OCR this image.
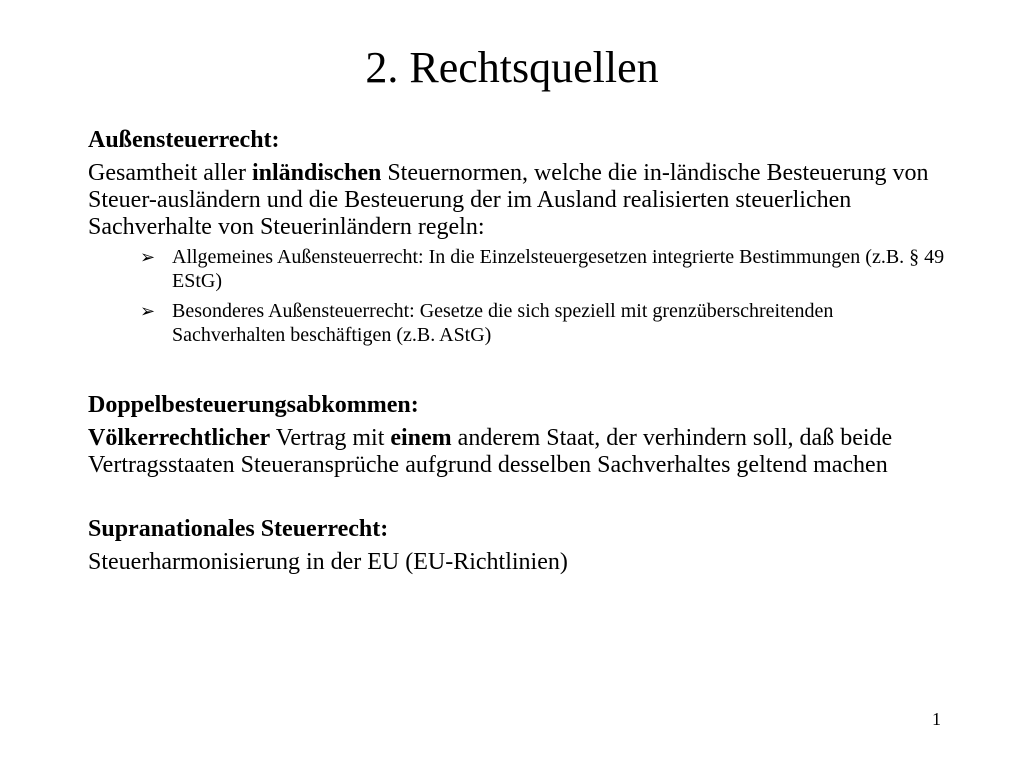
2. Rechtsquellen

Außensteuerrecht:

Gesamtheit aller inländischen Steuernormen, welche die in-ländische Besteuerung von Steuer-ausländern und die Besteuerung der im Ausland realisierten steuerlichen Sachverhalte von Steuerinländern regeln:

➢ Allgemeines Außensteuerrecht: In die Einzelsteuergesetzen integrierte Bestimmungen (z.B. § 49 EStG)
➢ Besonderes Außensteuerrecht: Gesetze die sich speziell mit grenzüberschreitenden Sachverhalten beschäftigen (z.B. AStG)

Doppelbesteuerungsabkommen:

Völkerrechtlicher Vertrag mit einem anderem Staat, der verhindern soll, daß beide Vertragsstaaten Steueransprüche aufgrund desselben Sachverhaltes geltend machen

Supranationales Steuerrecht:

Steuerharmonisierung in der EU (EU-Richtlinien)

1
